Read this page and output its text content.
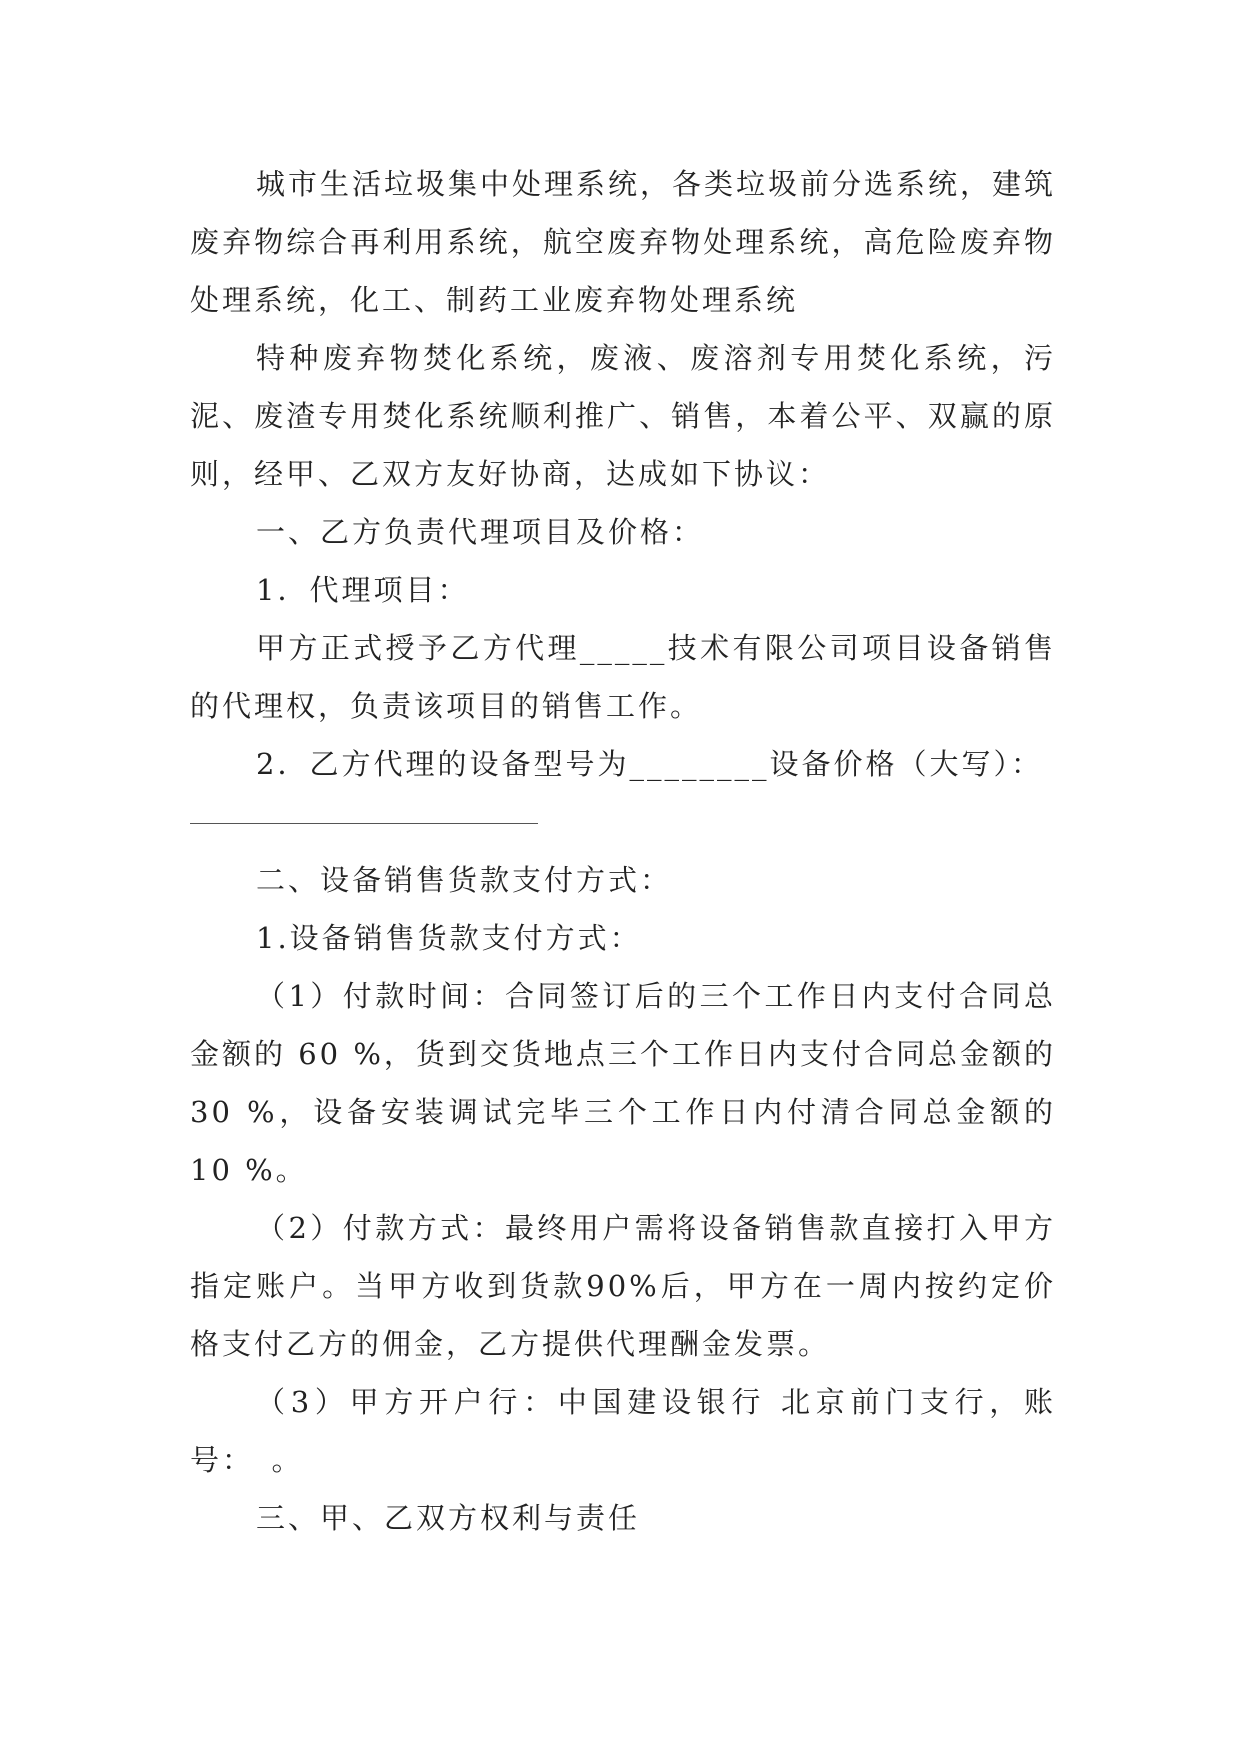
城市生活垃圾集中处理系统，各类垃圾前分选系统，建筑废弃物综合再利用系统，航空废弃物处理系统，高危险废弃物处理系统，化工、制药工业废弃物处理系统

特种废弃物焚化系统，废液、废溶剂专用焚化系统，污泥、废渣专用焚化系统顺利推广、销售，本着公平、双赢的原则，经甲、乙双方友好协商，达成如下协议：

一、乙方负责代理项目及价格：

1．代理项目：

甲方正式授予乙方代理_____技术有限公司项目设备销售的代理权，负责该项目的销售工作。

2．乙方代理的设备型号为________设备价格（大写）：

二、设备销售货款支付方式：

1.设备销售货款支付方式：

（1）付款时间：合同签订后的三个工作日内支付合同总金额的 60 %，货到交货地点三个工作日内支付合同总金额的 30 %，设备安装调试完毕三个工作日内付清合同总金额的 10 %。

（2）付款方式：最终用户需将设备销售款直接打入甲方指定账户。当甲方收到货款90%后，甲方在一周内按约定价格支付乙方的佣金，乙方提供代理酬金发票。

（3）甲方开户行：中国建设银行 北京前门支行，账号：　。

三、甲、乙双方权利与责任
